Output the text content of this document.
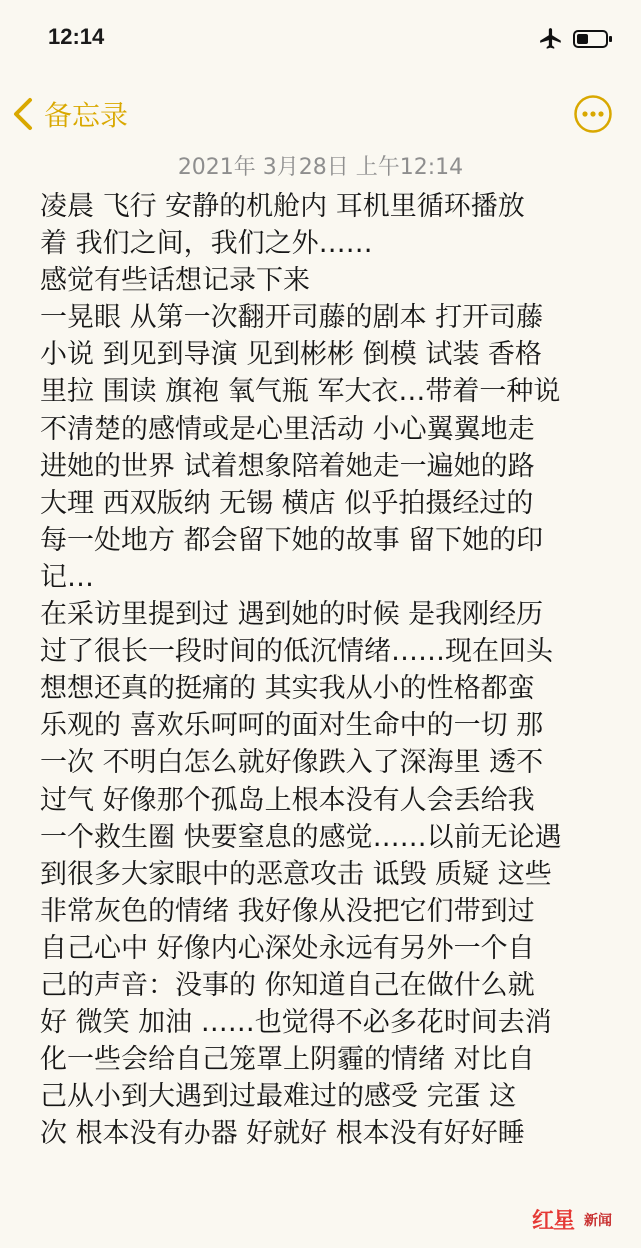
12:14
备忘录
2021年 3月28日 上午12:14

凌晨 飞行 安静的机舱内 耳机里循环播放

着 我们之间，我们之外……

感觉有些话想记录下来

一晃眼 从第一次翻开司藤的剧本 打开司藤

小说 到见到导演 见到彬彬 倒模 试装 香格

里拉 围读 旗袍 氧气瓶 军大衣…带着一种说

不清楚的感情或是心里活动 小心翼翼地走

进她的世界 试着想象陪着她走一遍她的路

大理 西双版纳 无锡 横店 似乎拍摄经过的

每一处地方 都会留下她的故事 留下她的印

记…

在采访里提到过 遇到她的时候 是我刚经历

过了很长一段时间的低沉情绪……现在回头

想想还真的挺痛的 其实我从小的性格都蛮

乐观的 喜欢乐呵呵的面对生命中的一切 那

一次 不明白怎么就好像跌入了深海里 透不

过气 好像那个孤岛上根本没有人会丢给我

一个救生圈 快要窒息的感觉……以前无论遇

到很多大家眼中的恶意攻击 诋毁 质疑 这些

非常灰色的情绪 我好像从没把它们带到过

自己心中 好像内心深处永远有另外一个自

己的声音：没事的 你知道自己在做什么就

好 微笑 加油 ……也觉得不必多花时间去消

化一些会给自己笼罩上阴霾的情绪 对比自

己从小到大遇到过最难过的感受 完蛋 这

次 根本没有办器 好就好 根本没有好好睡

红星 新闻
